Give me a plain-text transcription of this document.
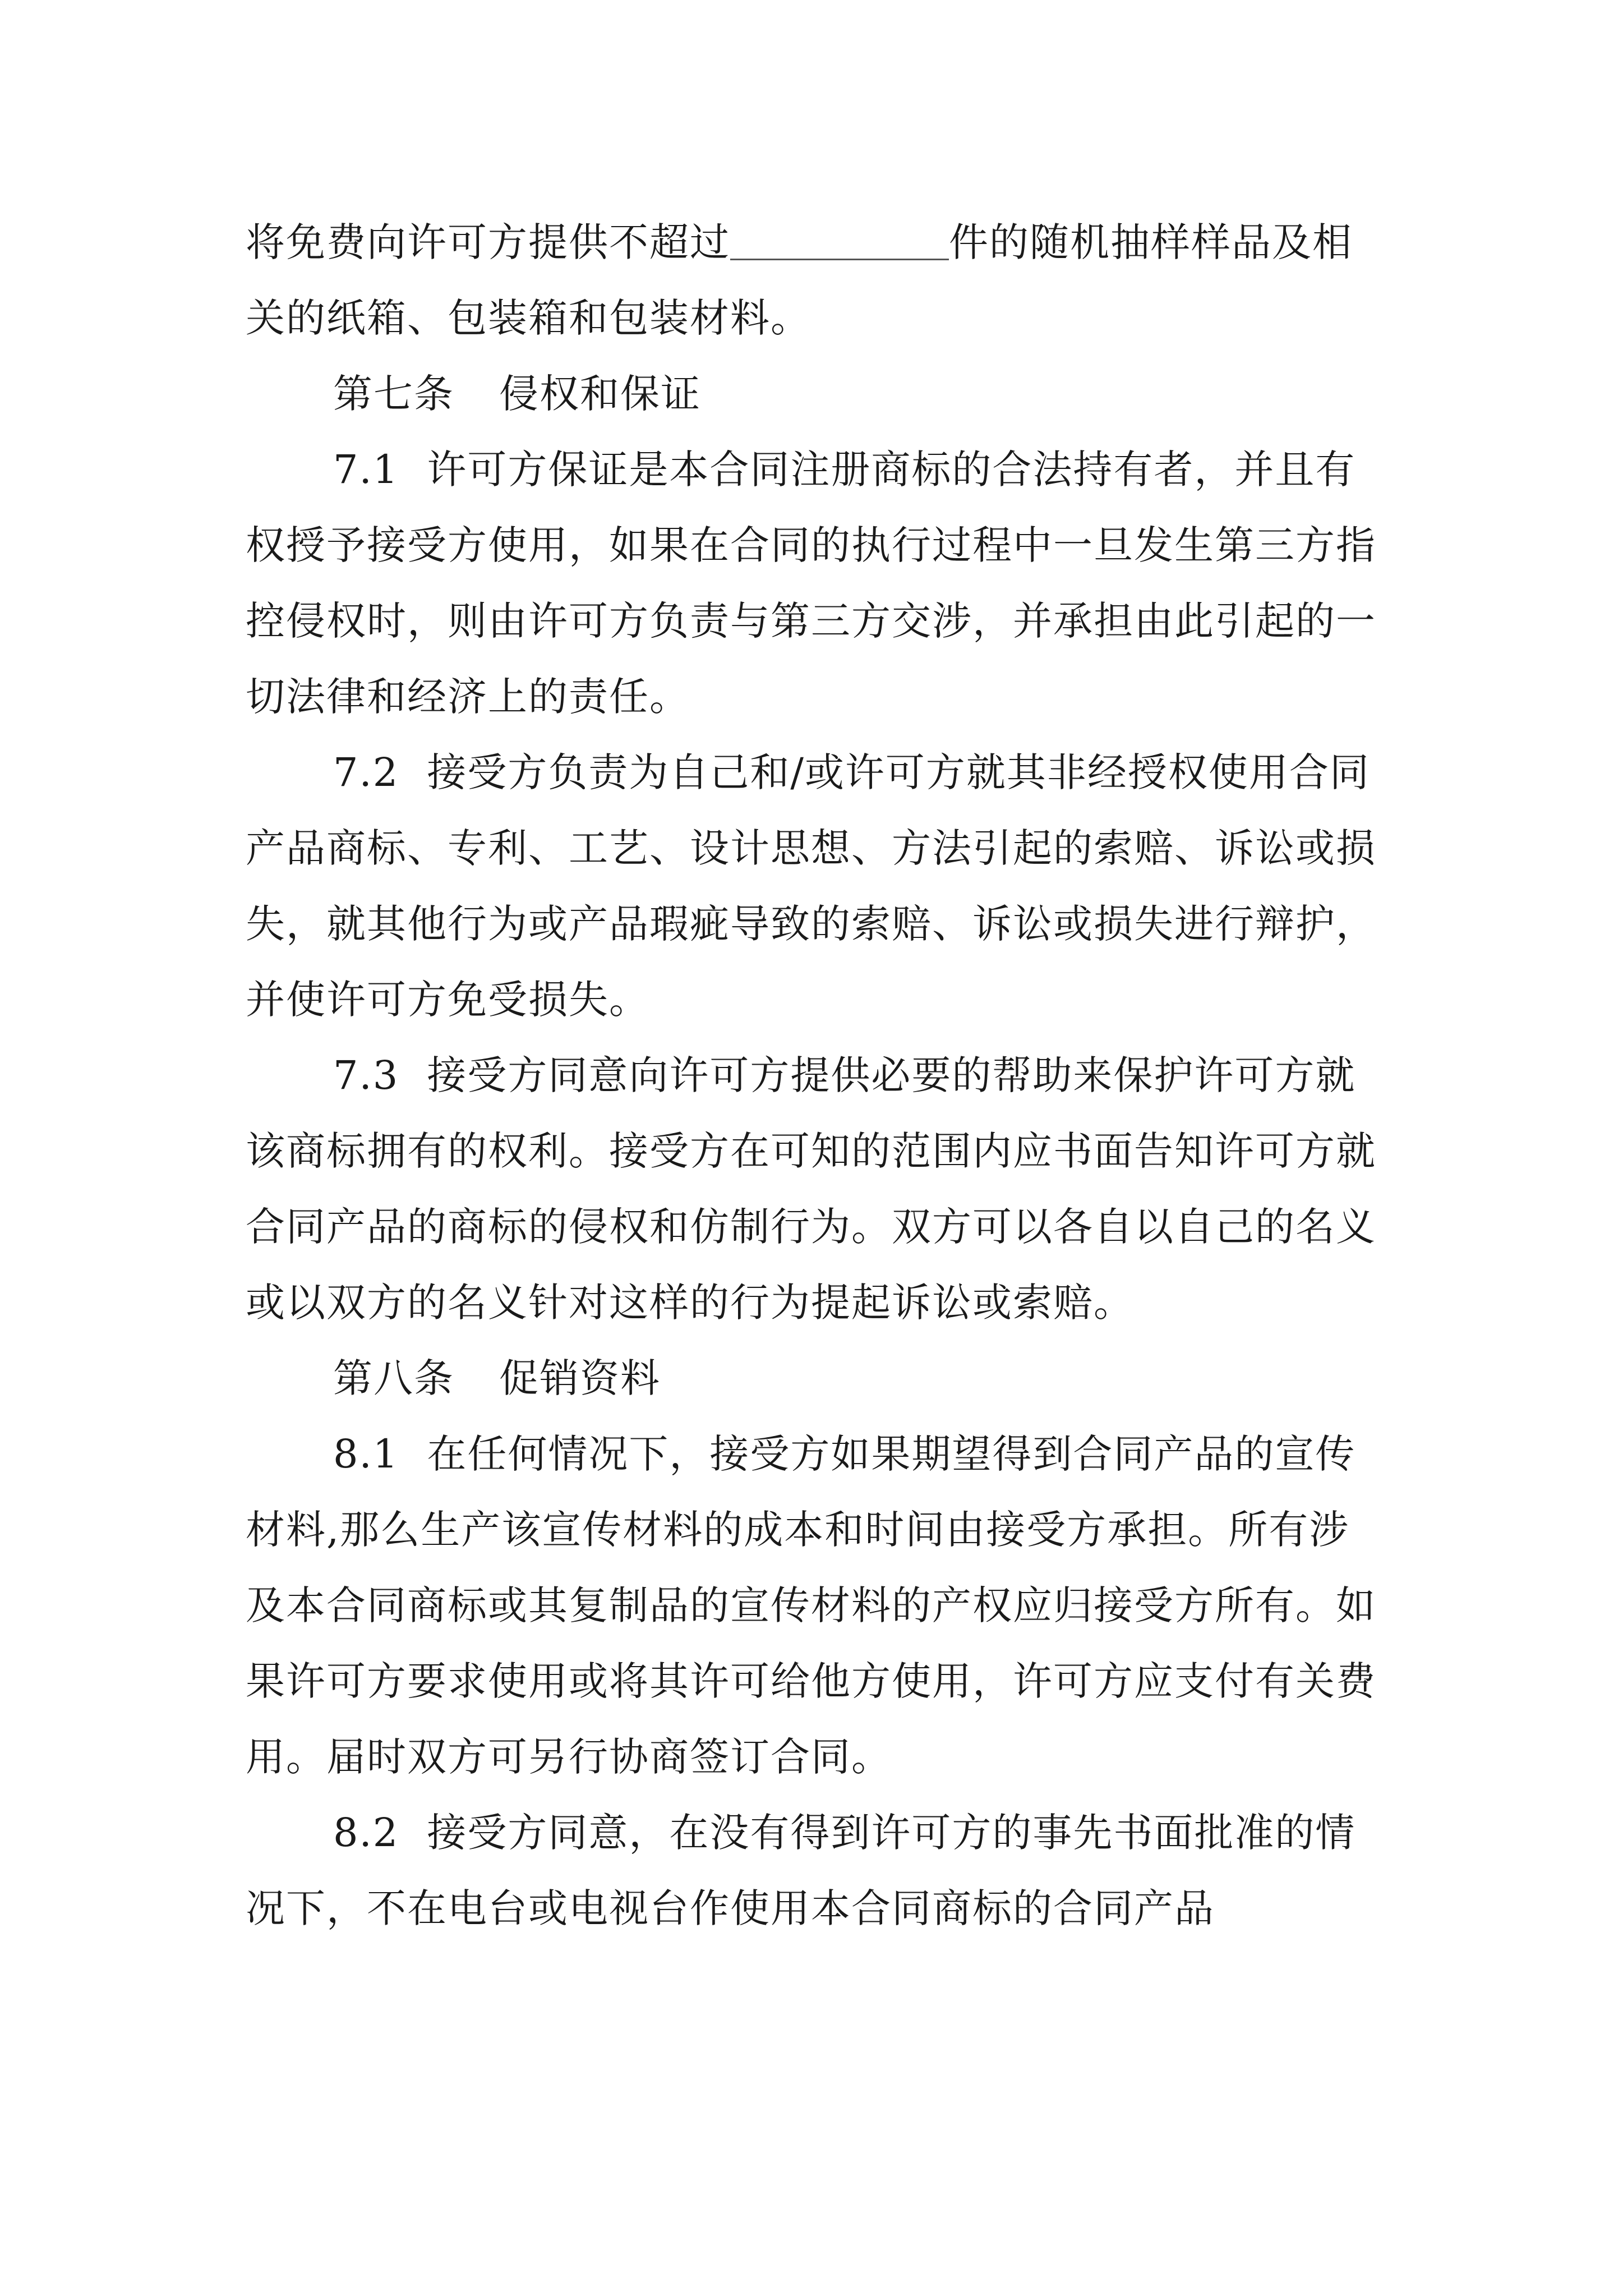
将免费向许可方提供不超过	件的随机抽样样品及相关的纸箱、包装箱和包装材料。

第七条 侵权和保证

7.1 许可方保证是本合同注册商标的合法持有者，并且有权授予接受方使用，如果在合同的执行过程中一旦发生第三方指控侵权时，则由许可方负责与第三方交涉，并承担由此引起的一切法律和经济上的责任。

7.2 接受方负责为自己和/或许可方就其非经授权使用合同产品商标、专利、工艺、设计思想、方法引起的索赔、诉讼或损失，就其他行为或产品瑕疵导致的索赔、诉讼或损失进行辩护，并使许可方免受损失。

7.3 接受方同意向许可方提供必要的帮助来保护许可方就该商标拥有的权利。接受方在可知的范围内应书面告知许可方就合同产品的商标的侵权和仿制行为。双方可以各自以自己的名义或以双方的名义针对这样的行为提起诉讼或索赔。

第八条 促销资料

8.1 在任何情况下，接受方如果期望得到合同产品的宣传材料,那么生产该宣传材料的成本和时间由接受方承担。所有涉及本合同商标或其复制品的宣传材料的产权应归接受方所有。如果许可方要求使用或将其许可给他方使用，许可方应支付有关费用。届时双方可另行协商签订合同。

8.2 接受方同意，在没有得到许可方的事先书面批准的情况下，不在电台或电视台作使用本合同商标的合同产品
